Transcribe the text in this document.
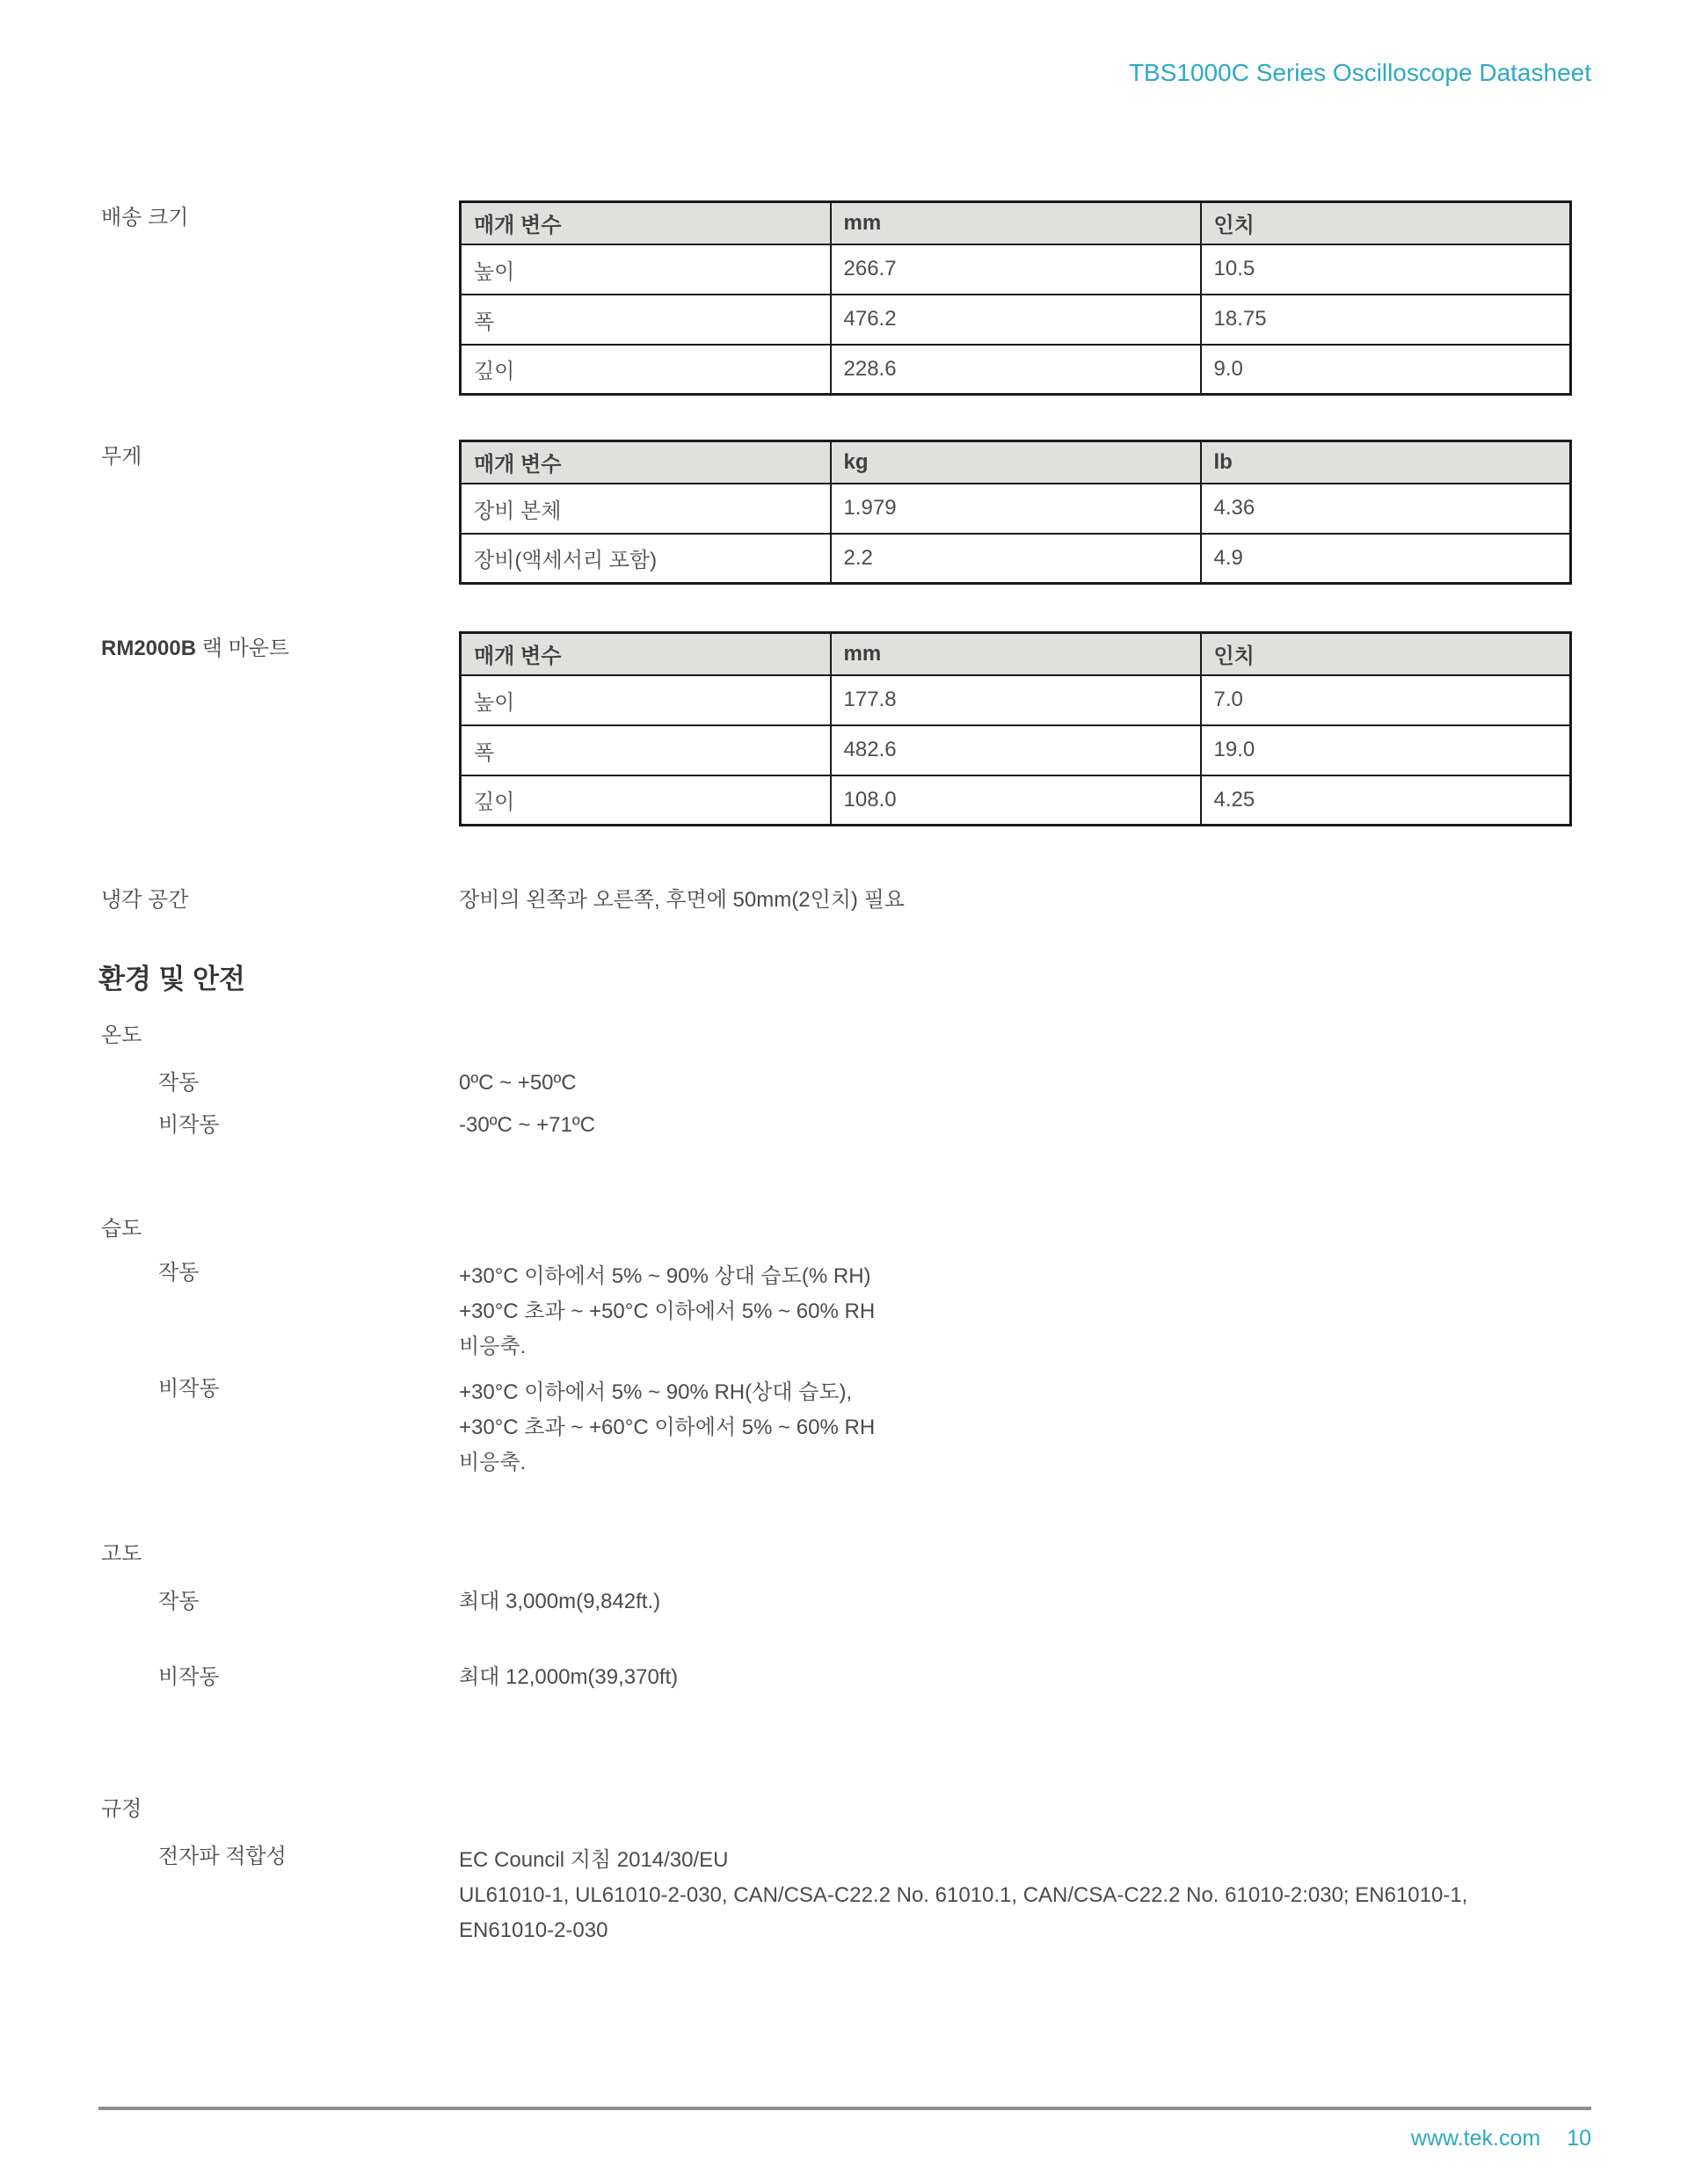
TBS1000C Series Oscilloscope Datasheet
배송 크기	매개 변수	mm	인치
높이	266.7	10.5
폭	476.2	18.75
깊이	228.6	9.0
무게	매개 변수	kg	lb
장비 본체	1.979	4.36
장비(액세서리 포함)	2.2	4.9
RM2000B 랙 마운트	매개 변수	mm	인치
높이	177.8	7.0
폭	482.6	19.0
깊이	108.0	4.25
냉각 공간	장비의 왼쪽과 오른쪽, 후면에 50mm(2인치) 필요
환경 및 안전
온도
작동	0ºC ~ +50ºC
비작동	-30ºC ~ +71ºC
습도
작동	+30°C 이하에서 5% ~ 90% 상대 습도(% RH)
+30°C 초과 ~ +50°C 이하에서 5% ~ 60% RH
비응축.
비작동	+30°C 이하에서 5% ~ 90% RH(상대 습도),
+30°C 초과 ~ +60°C 이하에서 5% ~ 60% RH
비응축.
고도
작동	최대 3,000m(9,842ft.)
비작동	최대 12,000m(39,370ft)
규정
전자파 적합성	EC Council 지침 2014/30/EU
UL61010-1, UL61010-2-030, CAN/CSA-C22.2 No. 61010.1, CAN/CSA-C22.2 No. 61010-2:030; EN61010-1,
EN61010-2-030
www.tek.com 10
